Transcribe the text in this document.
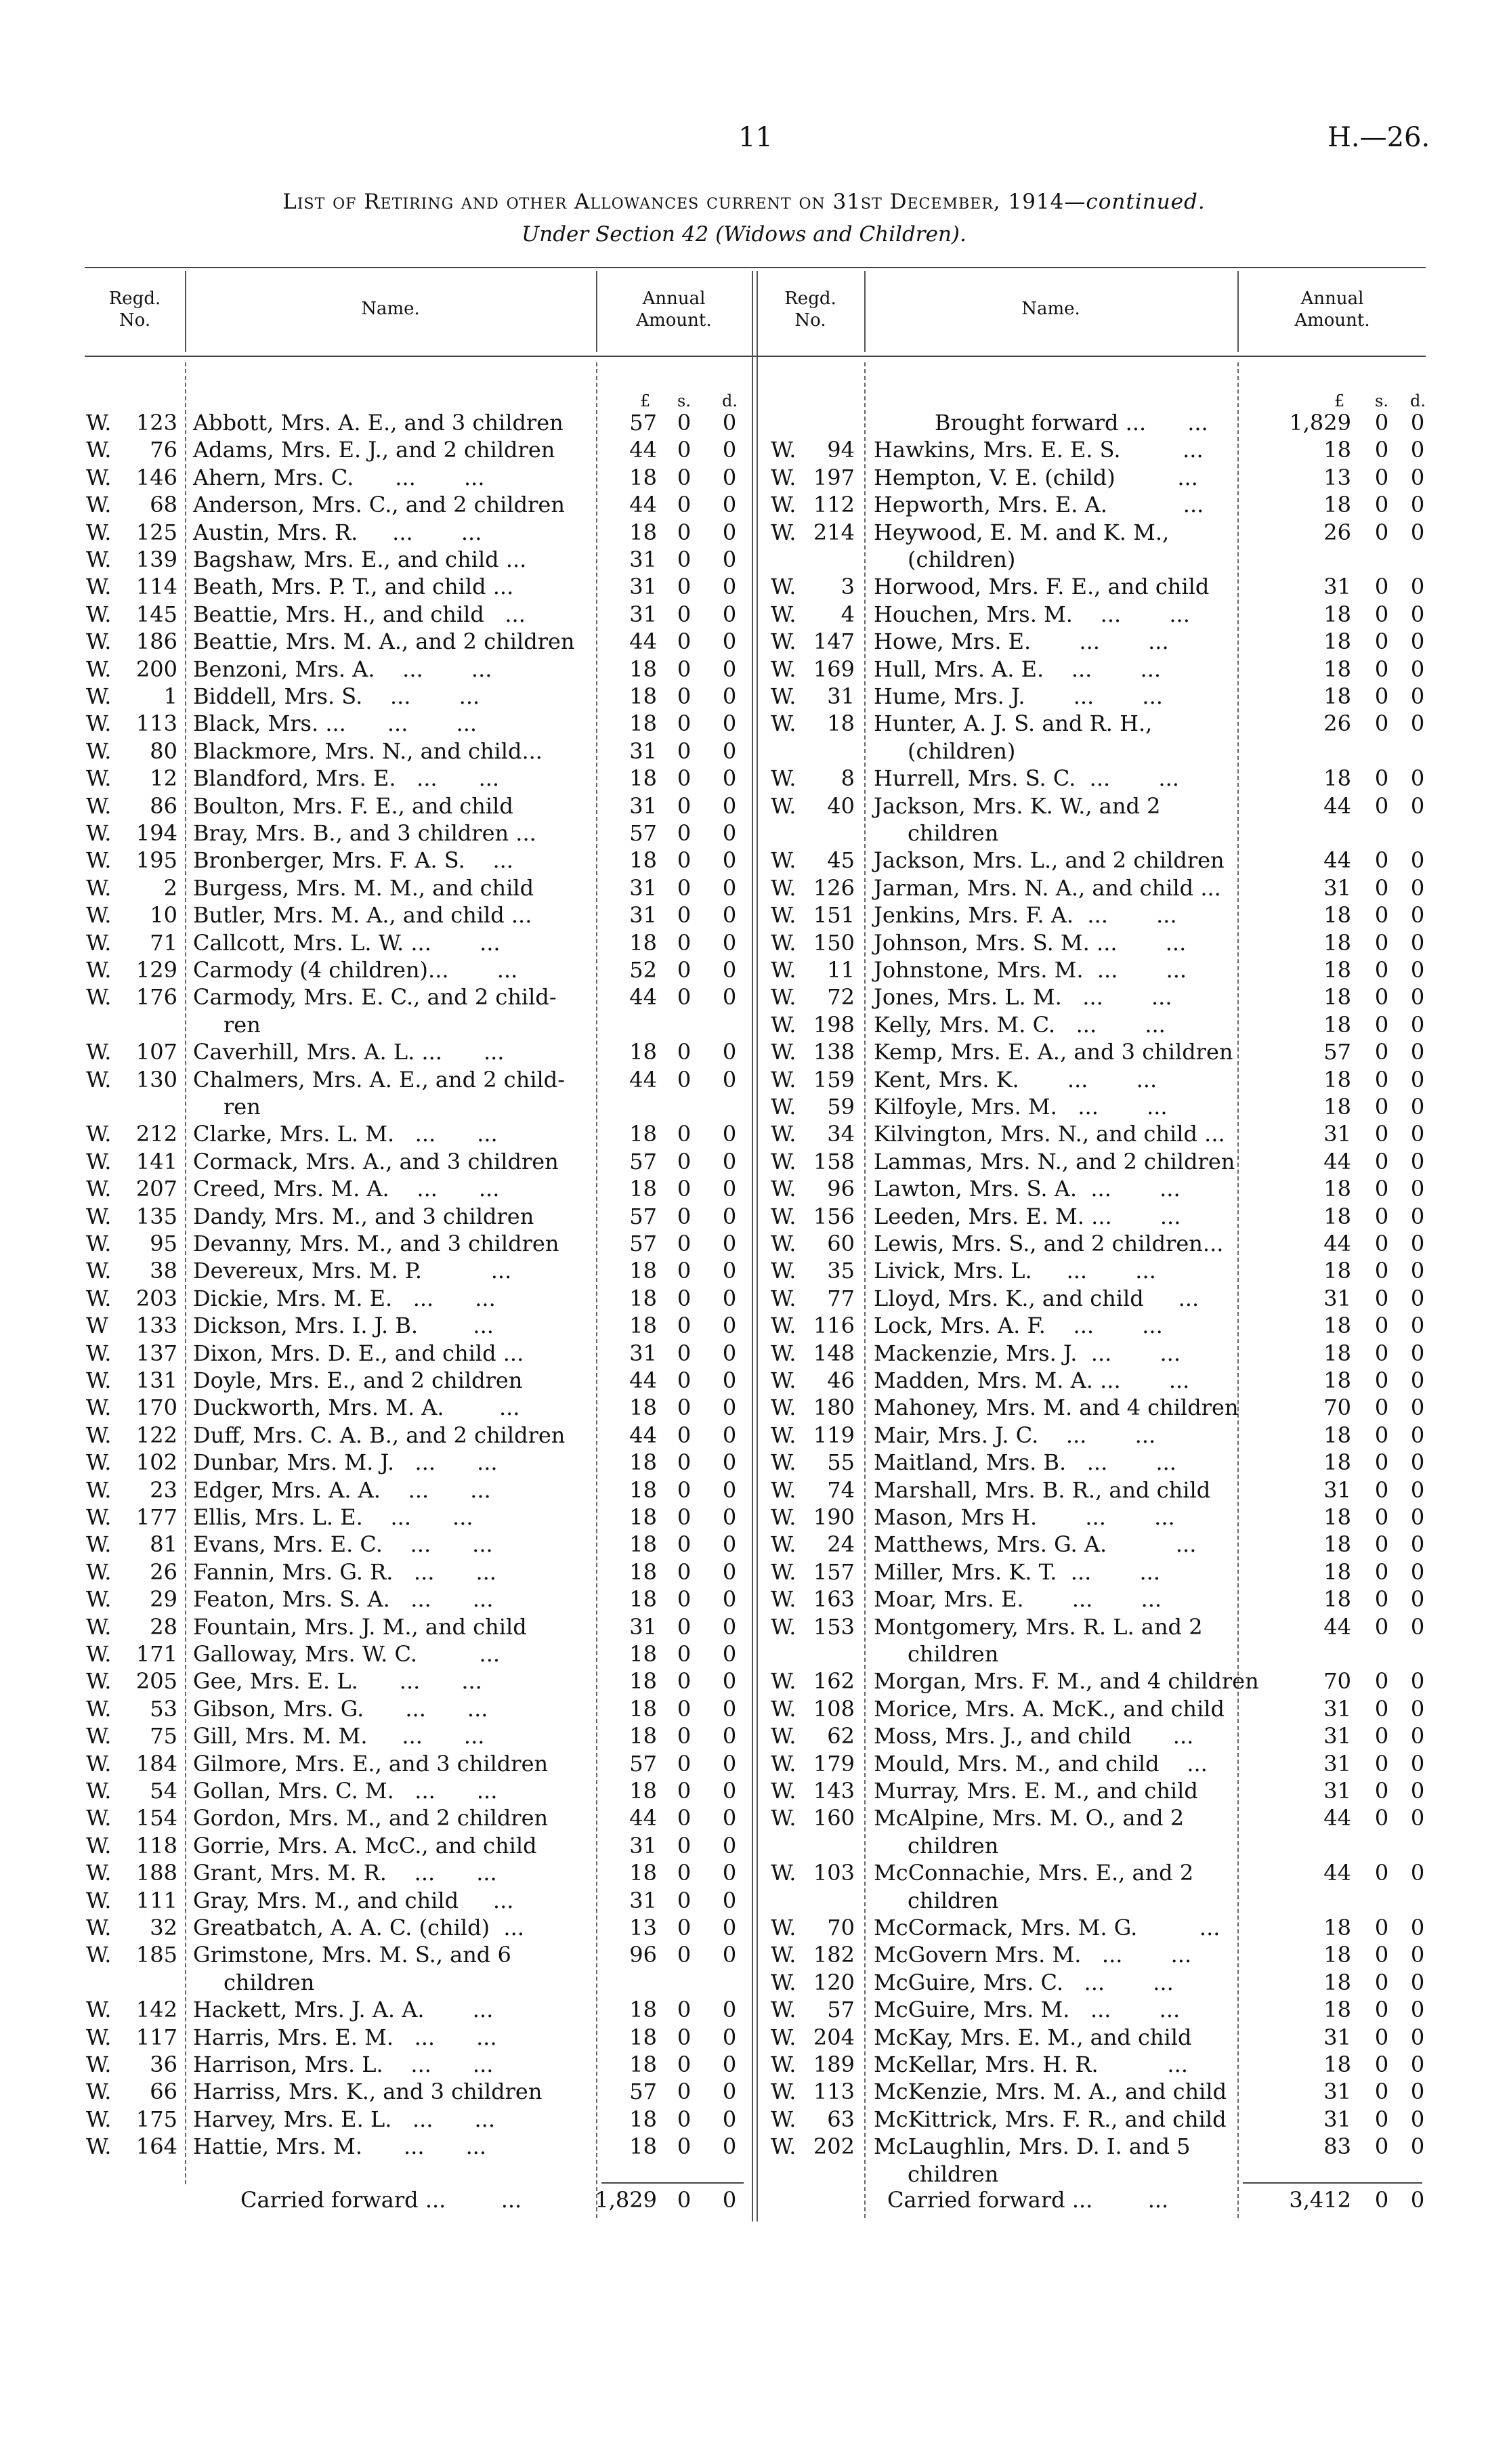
11	H.—26.
List of Retiring and other Allowances current on 31st December, 1914—continued.
Under Section 42 (Widows and Children).
Regd.
No.
Name.	Annual
Amount.
Regd.
No.
Name.	Annual
Amount.
£ s. d.	£ s. d.
W.	123 Abbott, Mrs. A. E., and 3 children	57 0 0
W.	76 Adams, Mrs. E. J., and 2 children	44 0 0
W.	146 Ahern, Mrs. C.      ...       ...	18 0 0
W.	68 Anderson, Mrs. C., and 2 children	44 0 0
W.	125 Austin, Mrs. R.     ...       ...	18 0 0
W.	139 Bagshaw, Mrs. E., and child ...	31 0 0
W.	114 Beath, Mrs. P. T., and child ...	31 0 0
W.	145 Beattie, Mrs. H., and child   ...	31 0 0
W.	186 Beattie, Mrs. M. A., and 2 children	44 0 0
W.	200 Benzoni, Mrs. A.    ...       ...	18 0 0
W.	1 Biddell, Mrs. S.    ...       ...	18 0 0
W.	113 Black, Mrs. ...      ...       ...	18 0 0
W.	80 Blackmore, Mrs. N., and child...	31 0 0
W.	12 Blandford, Mrs. E.   ...      ...	18 0 0
W.	86 Boulton, Mrs. F. E., and child	31 0 0
W.	194 Bray, Mrs. B., and 3 children ...	57 0 0
W.	195 Bronberger, Mrs. F. A. S.    ...	18 0 0
W.	2 Burgess, Mrs. M. M., and child	31 0 0
W.	10 Butler, Mrs. M. A., and child ...	31 0 0
W.	71 Callcott, Mrs. L. W. ...       ...	18 0 0
W.	129 Carmody (4 children)...       ...	52 0 0
W.	176 Carmody, Mrs. E. C., and 2 child-	44 0 0
ren
W.	107 Caverhill, Mrs. A. L. ...      ...	18 0 0
W.	130 Chalmers, Mrs. A. E., and 2 child-	44 0 0
ren
W.	212 Clarke, Mrs. L. M.   ...      ...	18 0 0
W.	141 Cormack, Mrs. A., and 3 children	57 0 0
W.	207 Creed, Mrs. M. A.    ...      ...	18 0 0
W.	135 Dandy, Mrs. M., and 3 children	57 0 0
W.	95 Devanny, Mrs. M., and 3 children	57 0 0
W.	38 Devereux, Mrs. M. P.          ...	18 0 0
W.	203 Dickie, Mrs. M. E.   ...      ...	18 0 0
W	133 Dickson, Mrs. I. J. B.        ...	18 0 0
W.	137 Dixon, Mrs. D. E., and child ...	31 0 0
W.	131 Doyle, Mrs. E., and 2 children	44 0 0
W.	170 Duckworth, Mrs. M. A.        ...	18 0 0
W.	122 Duff, Mrs. C. A. B., and 2 children	44 0 0
W.	102 Dunbar, Mrs. M. J.   ...      ...	18 0 0
W.	23 Edger, Mrs. A. A.    ...      ...	18 0 0
W.	177 Ellis, Mrs. L. E.    ...      ...	18 0 0
W.	81 Evans, Mrs. E. C.    ...      ...	18 0 0
W.	26 Fannin, Mrs. G. R.   ...      ...	18 0 0
W.	29 Featon, Mrs. S. A.   ...      ...	18 0 0
W.	28 Fountain, Mrs. J. M., and child	31 0 0
W.	171 Galloway, Mrs. W. C.         ...	18 0 0
W.	205 Gee, Mrs. E. L.      ...      ...	18 0 0
W.	53 Gibson, Mrs. G.      ...      ...	18 0 0
W.	75 Gill, Mrs. M. M.     ...      ...	18 0 0
W.	184 Gilmore, Mrs. E., and 3 children	57 0 0
W.	54 Gollan, Mrs. C. M.   ...      ...	18 0 0
W.	154 Gordon, Mrs. M., and 2 children	44 0 0
W.	118 Gorrie, Mrs. A. McC., and child	31 0 0
W.	188 Grant, Mrs. M. R.    ...      ...	18 0 0
W.	111 Gray, Mrs. M., and child     ...	31 0 0
W.	32 Greatbatch, A. A. C. (child)  ...	13 0 0
W.	185 Grimstone, Mrs. M. S., and 6	96 0 0
children
W.	142 Hackett, Mrs. J. A. A.       ...	18 0 0
W.	117 Harris, Mrs. E. M.   ...      ...	18 0 0
W.	36 Harrison, Mrs. L.    ...      ...	18 0 0
W.	66 Harriss, Mrs. K., and 3 children	57 0 0
W.	175 Harvey, Mrs. E. L.   ...      ...	18 0 0
W.	164 Hattie, Mrs. M.      ...      ...	18 0 0
Carried forward ...        ...	1,829 0 0
Brought forward ...      ...	1,829 0 0
W.	94 Hawkins, Mrs. E. E. S.         ...	18 0 0
W. 197 Hempton, V. E. (child)         ...	13 0 0
W. 112 Hepworth, Mrs. E. A.           ...	18 0 0
W. 214 Heywood, E. M. and K. M.,	26 0 0
(children)
W.	3 Horwood, Mrs. F. E., and child	31 0 0
W.	4 Houchen, Mrs. M.    ...       ...	18 0 0
W. 147 Howe, Mrs. E.       ...       ...	18 0 0
W. 169 Hull, Mrs. A. E.    ...       ...	18 0 0
W.	31 Hume, Mrs. J.       ...       ...	18 0 0
W.	18 Hunter, A. J. S. and R. H.,	26 0 0
(children)
W.	8 Hurrell, Mrs. S. C.  ...       ...	18 0 0
W.	40 Jackson, Mrs. K. W., and 2	44 0 0
children
W.	45 Jackson, Mrs. L., and 2 children	44 0 0
W. 126 Jarman, Mrs. N. A., and child ...	31 0 0
W. 151 Jenkins, Mrs. F. A.  ...       ...	18 0 0
W. 150 Johnson, Mrs. S. M. ...       ...	18 0 0
W.	11 Johnstone, Mrs. M.  ...       ...	18 0 0
W.	72 Jones, Mrs. L. M.   ...       ...	18 0 0
W. 198 Kelly, Mrs. M. C.   ...       ...	18 0 0
W. 138 Kemp, Mrs. E. A., and 3 children	57 0 0
W. 159 Kent, Mrs. K.       ...       ...	18 0 0
W.	59 Kilfoyle, Mrs. M.   ...       ...	18 0 0
W.	34 Kilvington, Mrs. N., and child ...	31 0 0
W. 158 Lammas, Mrs. N., and 2 children	44 0 0
W.	96 Lawton, Mrs. S. A.  ...       ...	18 0 0
W. 156 Leeden, Mrs. E. M. ...       ...	18 0 0
W.	60 Lewis, Mrs. S., and 2 children...	44 0 0
W.	35 Livick, Mrs. L.     ...       ...	18 0 0
W.	77 Lloyd, Mrs. K., and child     ...	31 0 0
W. 116 Lock, Mrs. A. F.    ...       ...	18 0 0
W. 148 Mackenzie, Mrs. J.  ...       ...	18 0 0
W.	46 Madden, Mrs. M. A. ...       ...	18 0 0
W. 180 Mahoney, Mrs. M. and 4 children	70 0 0
W. 119 Mair, Mrs. J. C.    ...       ...	18 0 0
W.	55 Maitland, Mrs. B.   ...       ...	18 0 0
W.	74 Marshall, Mrs. B. R., and child	31 0 0
W. 190 Mason, Mrs H.       ...       ...	18 0 0
W.	24 Matthews, Mrs. G. A.          ...	18 0 0
W. 157 Miller, Mrs. K. T.  ...       ...	18 0 0
W. 163 Moar, Mrs. E.       ...       ...	18 0 0
W. 153 Montgomery, Mrs. R. L. and 2	44 0 0
children
W. 162 Morgan, Mrs. F. M., and 4 children	70 0 0
W. 108 Morice, Mrs. A. McK., and child	31 0 0
W.	62 Moss, Mrs. J., and child      ...	31 0 0
W. 179 Mould, Mrs. M., and child    ...	31 0 0
W. 143 Murray, Mrs. E. M., and child	31 0 0
W. 160 McAlpine, Mrs. M. O., and 2	44 0 0
children
W. 103 McConnachie, Mrs. E., and 2	44 0 0
children
W.	70 McCormack, Mrs. M. G.         ...	18 0 0
W. 182 McGovern Mrs. M.   ...       ...	18 0 0
W. 120 McGuire, Mrs. C.   ...       ...	18 0 0
W.	57 McGuire, Mrs. M.   ...       ...	18 0 0
W. 204 McKay, Mrs. E. M., and child	31 0 0
W. 189 McKellar, Mrs. H. R.          ...	18 0 0
W. 113 McKenzie, Mrs. M. A., and child	31 0 0
W.	63 McKittrick, Mrs. F. R., and child	31 0 0
W. 202 McLaughlin, Mrs. D. I. and 5	83 0 0
children
Carried forward ...        ...	3,412 0 0
